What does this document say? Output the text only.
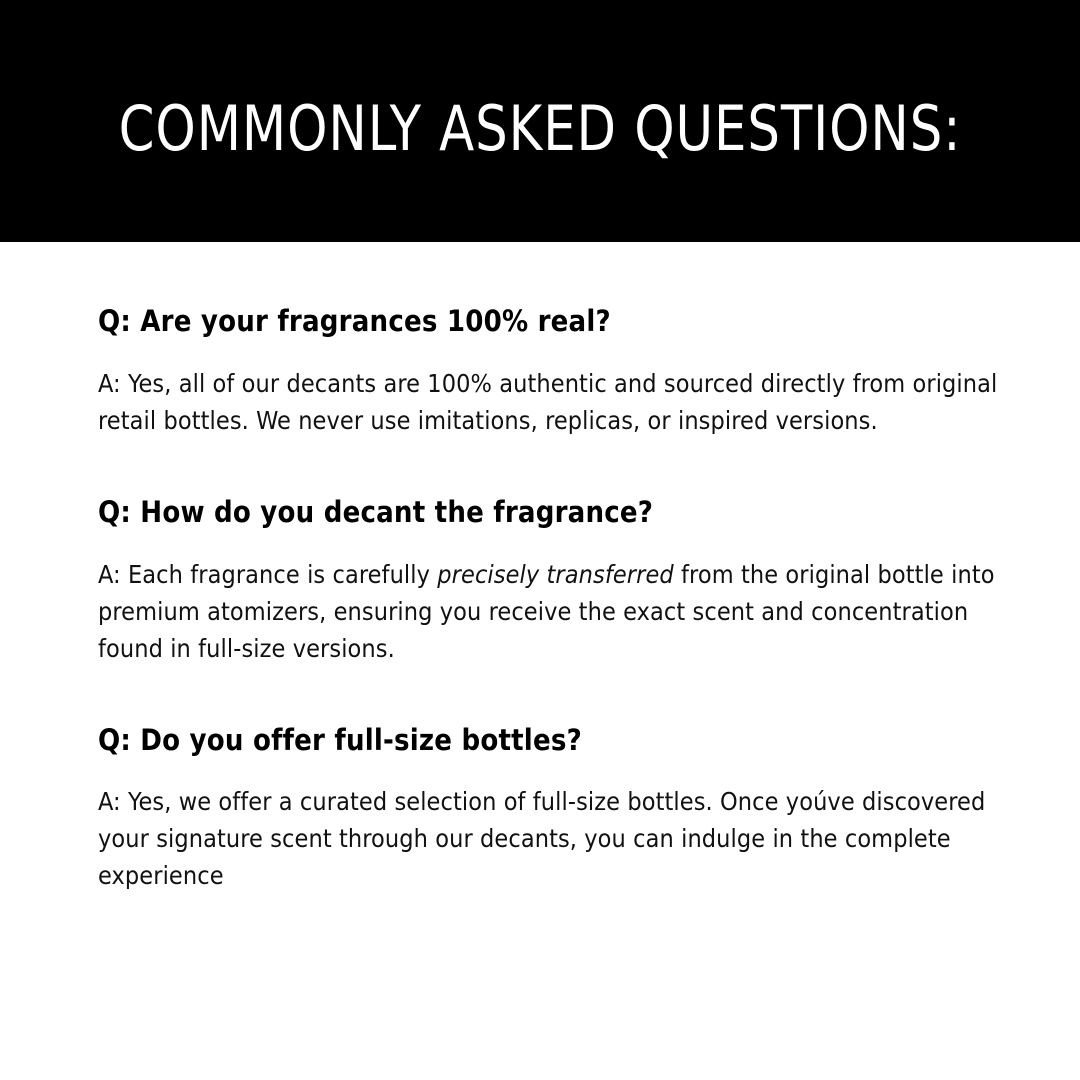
COMMONLY ASKED QUESTIONS:

Q: Are your fragrances 100% real?

A: Yes, all of our decants are 100% authentic and sourced directly from original retail bottles. We never use imitations, replicas, or inspired versions.

Q: How do you decant the fragrance?

A: Each fragrance is carefully precisely transferred from the original bottle into premium atomizers, ensuring you receive the exact scent and concentration found in full-size versions.

Q: Do you offer full-size bottles?

A: Yes, we offer a curated selection of full-size bottles. Once yoúve discovered your signature scent through our decants, you can indulge in the complete experience
